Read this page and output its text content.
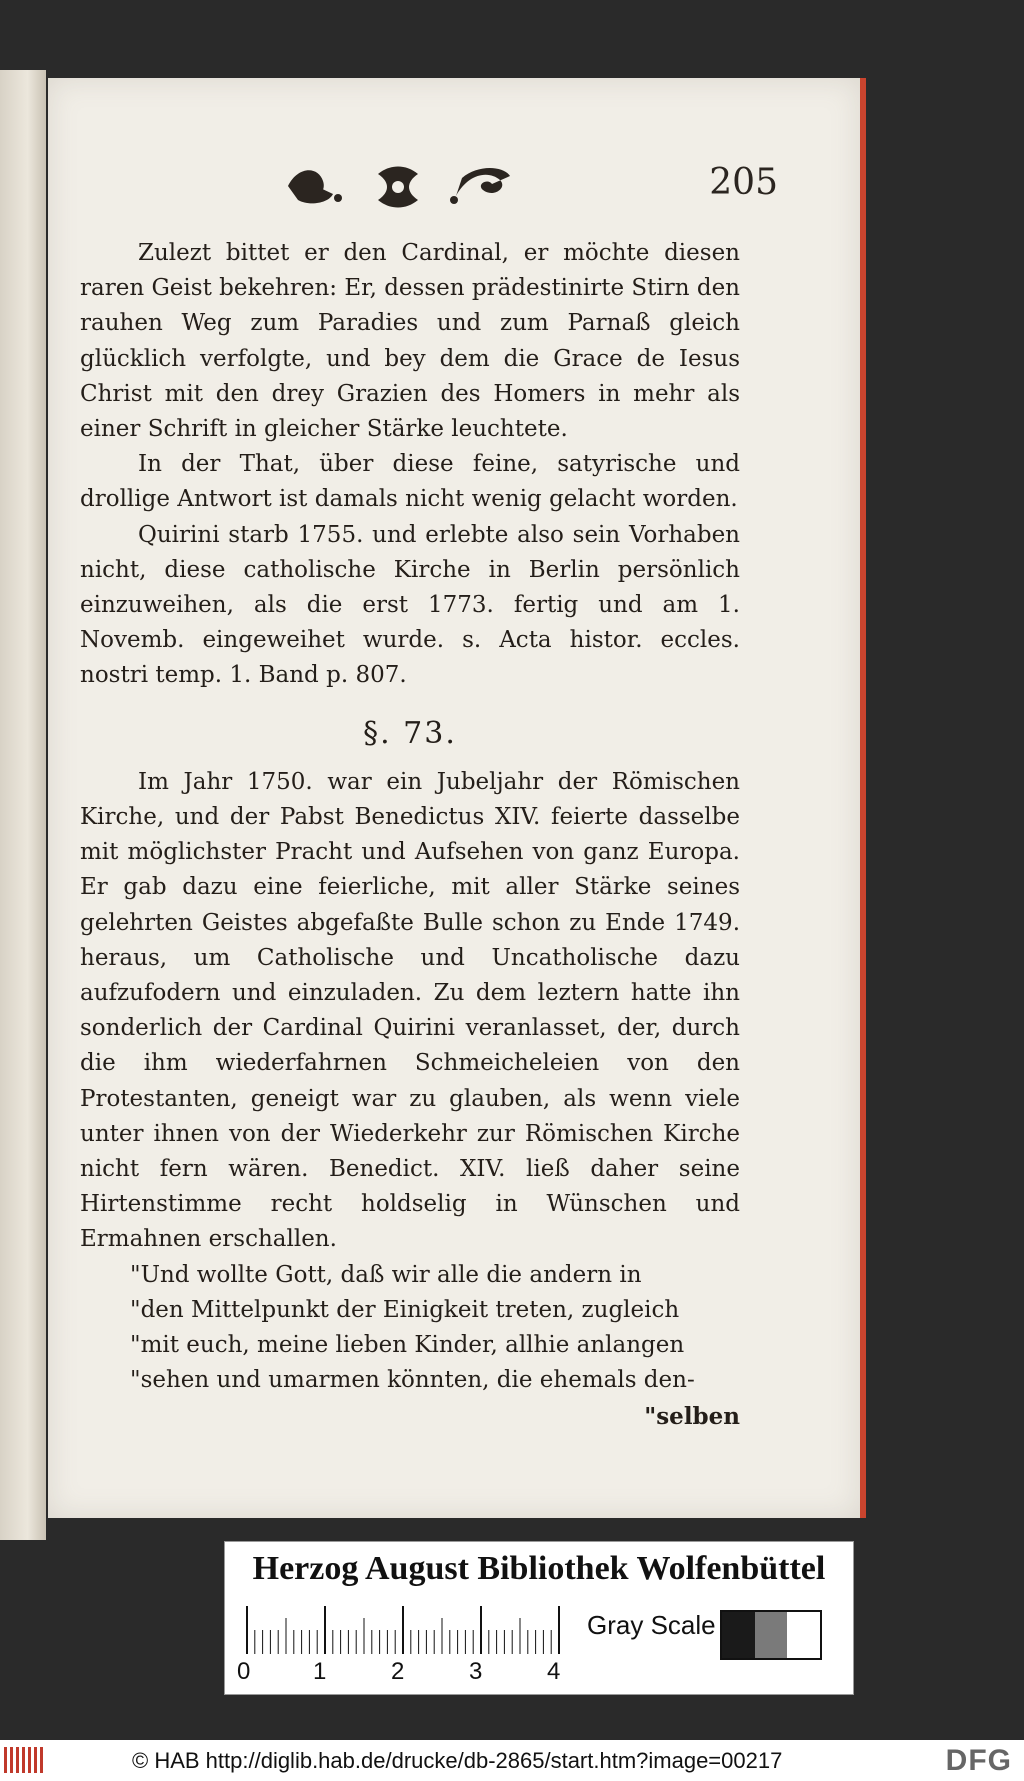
205

Zulezt bittet er den Cardinal, er möchte diesen raren Geist bekehren: Er, dessen prädestinirte Stirn den rauhen Weg zum Paradies und zum Parnaß gleich glücklich verfolgte, und bey dem die Grace de Iesus Christ mit den drey Grazien des Homers in mehr als einer Schrift in gleicher Stärke leuchtete.

In der That, über diese feine, satyrische und drollige Antwort ist damals nicht wenig gelacht worden.

Quirini starb 1755. und erlebte also sein Vorhaben nicht, diese catholische Kirche in Berlin persönlich einzuweihen, als die erst 1773. fertig und am 1. Novemb. eingeweihet wurde. s. Acta histor. eccles. nostri temp. 1. Band p. 807.

§. 73.

Im Jahr 1750. war ein Jubeljahr der Römischen Kirche, und der Pabst Benedictus XIV. feierte dasselbe mit möglichster Pracht und Aufsehen von ganz Europa. Er gab dazu eine feierliche, mit aller Stärke seines gelehrten Geistes abgefaßte Bulle schon zu Ende 1749. heraus, um Catholische und Uncatholische dazu aufzufodern und einzuladen. Zu dem leztern hatte ihn sonderlich der Cardinal Quirini veranlasset, der, durch die ihm wiederfahrnen Schmeicheleien von den Protestanten, geneigt war zu glauben, als wenn viele unter ihnen von der Wiederkehr zur Römischen Kirche nicht fern wären. Benedict. XIV. ließ daher seine Hirtenstimme recht holdselig in Wünschen und Ermahnen erschallen.

"Und wollte Gott, daß wir alle die andern in
"den Mittelpunkt der Einigkeit treten, zugleich
"mit euch, meine lieben Kinder, allhie anlangen
"sehen und umarmen könnten, die ehemals den-
"selben
Herzog August Bibliothek Wolfenbüttel
0	1	2	3	4
Gray Scale
© HAB http://diglib.hab.de/drucke/db-2865/start.htm?image=00217	DFG
